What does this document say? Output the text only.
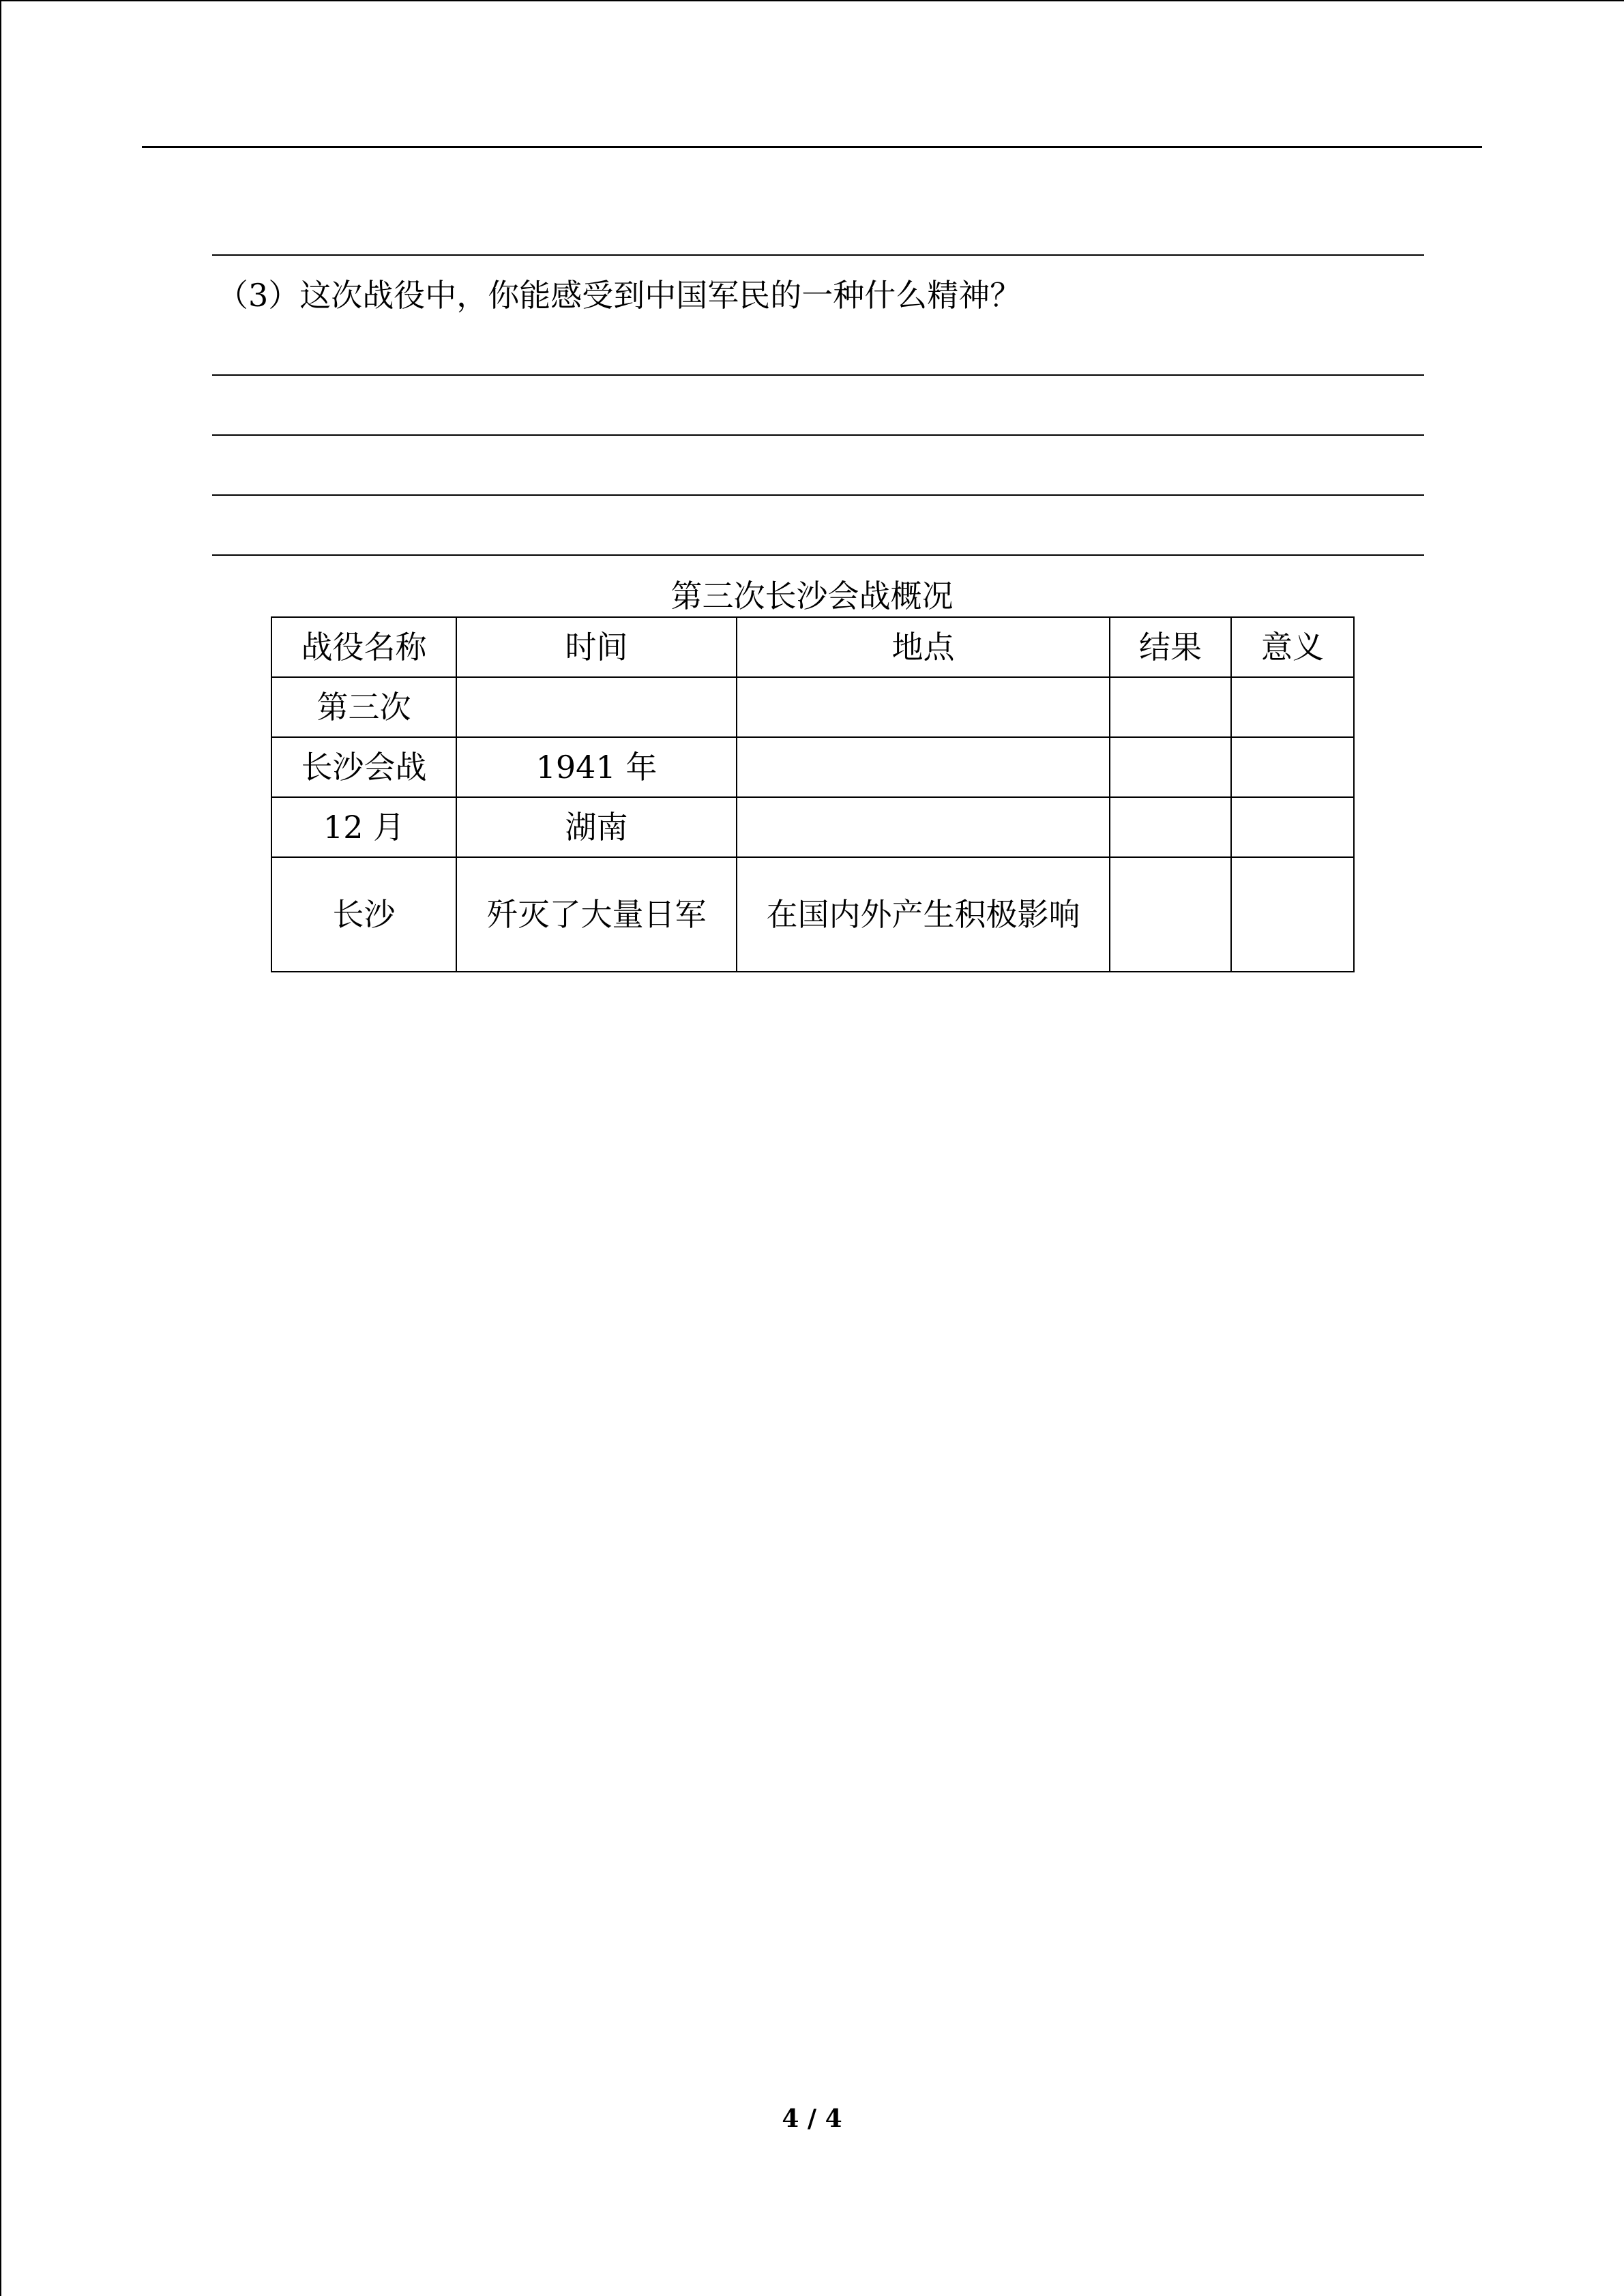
（3）这次战役中，你能感受到中国军民的一种什么精神？
第三次长沙会战概况
战役名称	时间	地点	结果	意义
第三次				
长沙会战	1941 年			
12 月	湖南			
长沙	歼灭了大量日军	在国内外产生积极影响		
4 / 4
